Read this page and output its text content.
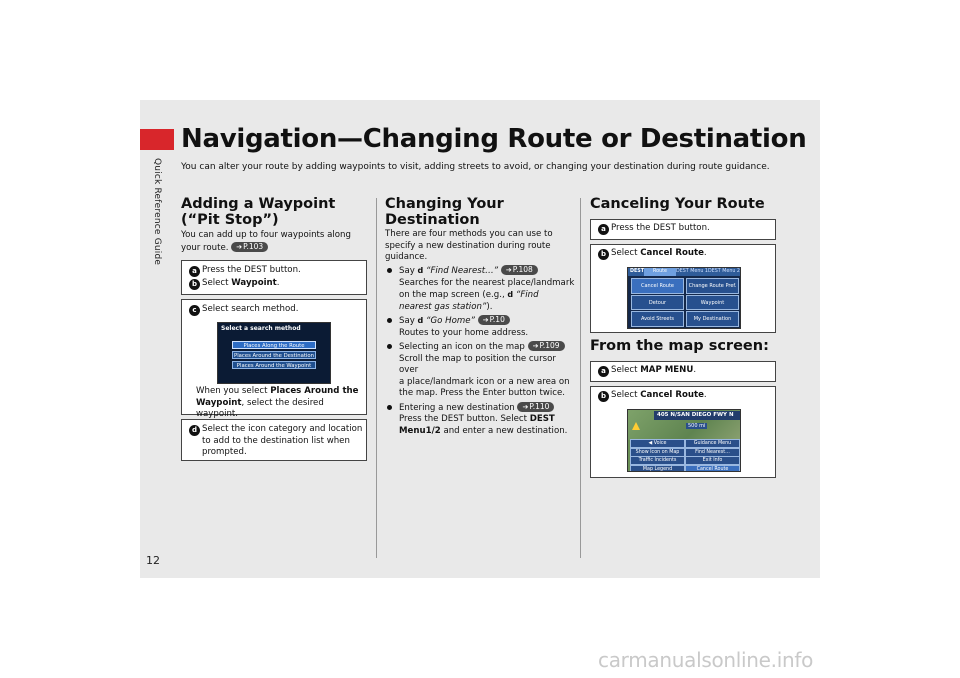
Quick Reference Guide
12
Navigation—Changing Route or Destination
You can alter your route by adding waypoints to visit, adding streets to avoid, or changing your destination during route guidance.
Adding a Waypoint
(“Pit Stop”)
You can add up to four waypoints along your route. ➔P.103
a Press the DEST button.
b Select Waypoint.
c Select search method.
Select a search method
Places Along the Route
Places Around the Destination
Places Around the Waypoint
When you select Places Around the Waypoint, select the desired waypoint.
d Select the icon category and location
to add to the destination list when
prompted.
Changing Your
Destination
There are four methods you can use to
specify a new destination during route
guidance.
Say d “Find Nearest…” ➔P.108
Searches for the nearest place/landmark
on the map screen (e.g., d “Find
nearest gas station”).
Say d “Go Home” ➔P.10
Routes to your home address.
Selecting an icon on the map ➔P.109
Scroll the map to position the cursor over
a place/landmark icon or a new area on
the map. Press the Enter button twice.
Entering a new destination ➔P.110
Press the DEST button. Select DEST
Menu1/2 and enter a new destination.
Canceling Your Route
a Press the DEST button.
b Select Cancel Route.
DEST	Route	DEST Menu 1 DEST Menu 2
Cancel Route	Change Route Pref.
Detour	Waypoint
Avoid Streets	My Destination
From the map screen:
a Select MAP MENU.
b Select Cancel Route.
405 N/SAN DIEGO FWY N
500 mi
◀ Voice	Guidance Menu
Show Icon on Map	Find Nearest…
Traffic Incidents	Exit Info
Map Legend	Cancel Route
carmanualsonline.info
